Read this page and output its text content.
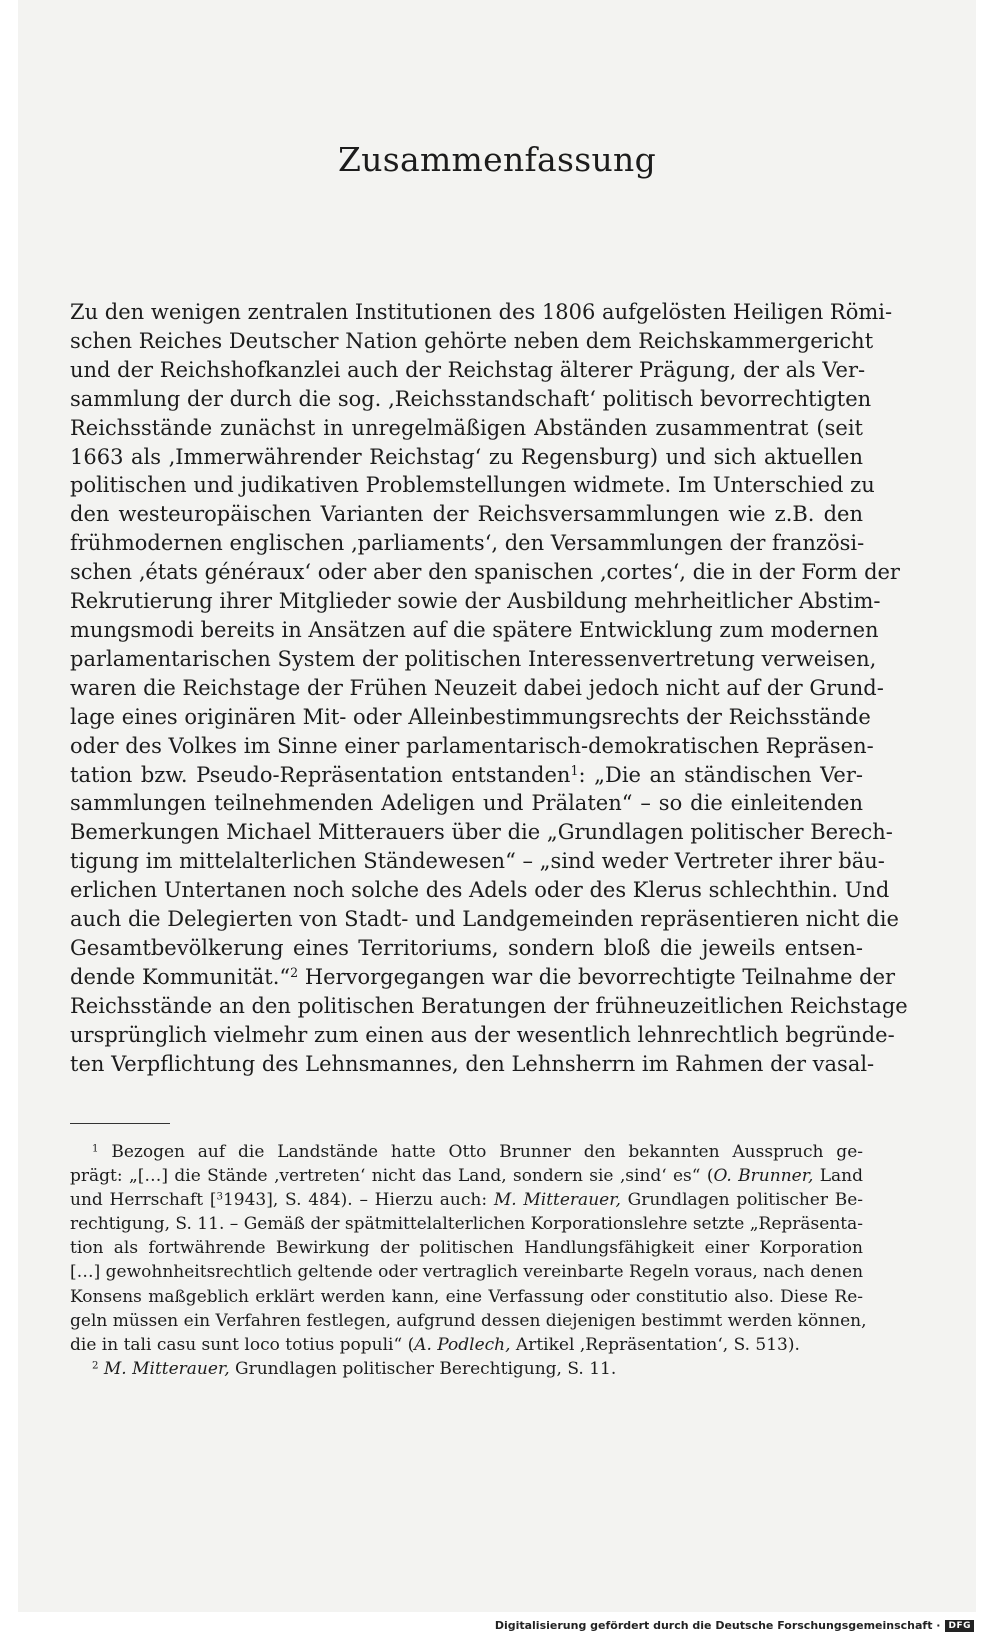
Zusammenfassung
Zu den wenigen zentralen Institutionen des 1806 aufgelösten Heiligen Römi-
schen Reiches Deutscher Nation gehörte neben dem Reichskammergericht
und der Reichshofkanzlei auch der Reichstag älterer Prägung, der als Ver-
sammlung der durch die sog. ‚Reichsstandschaft‘ politisch bevorrechtigten
Reichsstände zunächst in unregelmäßigen Abständen zusammentrat (seit
1663 als ‚Immerwährender Reichstag‘ zu Regensburg) und sich aktuellen
politischen und judikativen Problemstellungen widmete. Im Unterschied zu
den westeuropäischen Varianten der Reichsversammlungen wie z.B. den
frühmodernen englischen ‚parliaments‘, den Versammlungen der französi-
schen ‚états généraux‘ oder aber den spanischen ‚cortes‘, die in der Form der
Rekrutierung ihrer Mitglieder sowie der Ausbildung mehrheitlicher Abstim-
mungsmodi bereits in Ansätzen auf die spätere Entwicklung zum modernen
parlamentarischen System der politischen Interessenvertretung verweisen,
waren die Reichstage der Frühen Neuzeit dabei jedoch nicht auf der Grund-
lage eines originären Mit- oder Alleinbestimmungsrechts der Reichsstände
oder des Volkes im Sinne einer parlamentarisch-demokratischen Repräsen-
tation bzw. Pseudo-Repräsentation entstanden$^1$: „Die an ständischen Ver-
sammlungen teilnehmenden Adeligen und Prälaten“ – so die einleitenden
Bemerkungen Michael Mitterauers über die „Grundlagen politischer Berech-
tigung im mittelalterlichen Ständewesen“ – „sind weder Vertreter ihrer bäu-
erlichen Untertanen noch solche des Adels oder des Klerus schlechthin. Und
auch die Delegierten von Stadt- und Landgemeinden repräsentieren nicht die
Gesamtbevölkerung eines Territoriums, sondern bloß die jeweils entsen-
dende Kommunität.“$^2$ Hervorgegangen war die bevorrechtigte Teilnahme der
Reichsstände an den politischen Beratungen der frühneuzeitlichen Reichstage
ursprünglich vielmehr zum einen aus der wesentlich lehnrechtlich begründe-
ten Verpflichtung des Lehnsmannes, den Lehnsherrn im Rahmen der vasal-
$^1$ Bezogen auf die Landstände hatte Otto Brunner den bekannten Ausspruch ge-
prägt: „[…] die Stände ‚vertreten‘ nicht das Land, sondern sie ‚sind‘ es“ (O. Brunner, Land
und Herrschaft [$^3$1943], S. 484). – Hierzu auch: M. Mitterauer, Grundlagen politischer Be-
rechtigung, S. 11. – Gemäß der spätmittelalterlichen Korporationslehre setzte „Repräsenta-
tion als fortwährende Bewirkung der politischen Handlungsfähigkeit einer Korporation
[…] gewohnheitsrechtlich geltende oder vertraglich vereinbarte Regeln voraus, nach denen
Konsens maßgeblich erklärt werden kann, eine Verfassung oder constitutio also. Diese Re-
geln müssen ein Verfahren festlegen, aufgrund dessen diejenigen bestimmt werden können,
die in tali casu sunt loco totius populi“ (A. Podlech, Artikel ‚Repräsentation‘, S. 513).
$^2$ M. Mitterauer, Grundlagen politischer Berechtigung, S. 11.
Digitalisierung gefördert durch die Deutsche Forschungsgemeinschaft · DFG
